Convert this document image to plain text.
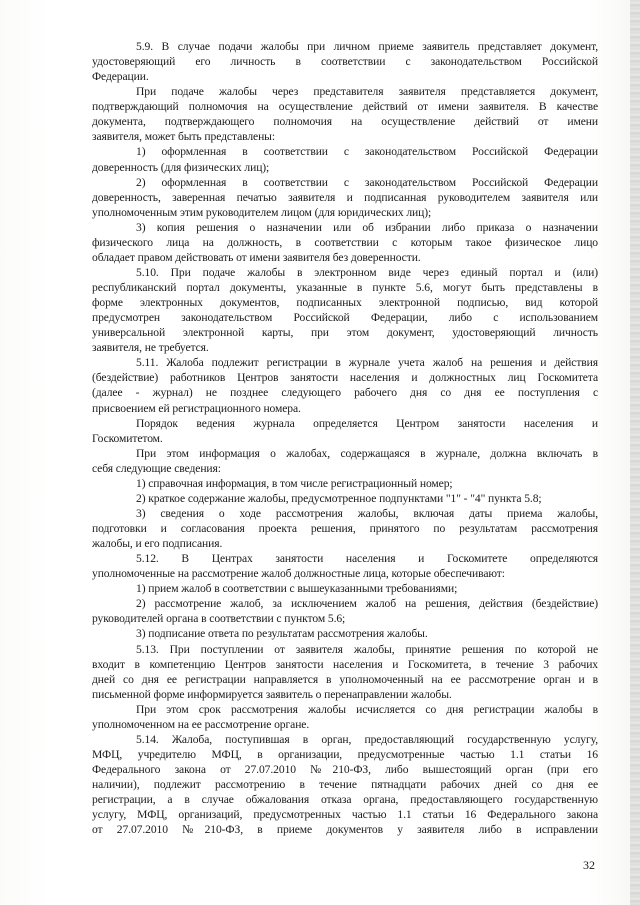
5.9. В случае подачи жалобы при личном приеме заявитель представляет документ,
удостоверяющий его личность в соответствии с законодательством Российской
Федерации.
При подаче жалобы через представителя заявителя представляется документ,
подтверждающий полномочия на осуществление действий от имени заявителя. В качестве
документа, подтверждающего полномочия на осуществление действий от имени
заявителя, может быть представлены:
1) оформленная в соответствии с законодательством Российской Федерации
доверенность (для физических лиц);
2) оформленная в соответствии с законодательством Российской Федерации
доверенность, заверенная печатью заявителя и подписанная руководителем заявителя или
уполномоченным этим руководителем лицом (для юридических лиц);
3) копия решения о назначении или об избрании либо приказа о назначении
физического лица на должность, в соответствии с которым такое физическое лицо
обладает правом действовать от имени заявителя без доверенности.
5.10. При подаче жалобы в электронном виде через единый портал и (или)
республиканский портал документы, указанные в пункте 5.6, могут быть представлены в
форме электронных документов, подписанных электронной подписью, вид которой
предусмотрен законодательством Российской Федерации, либо с использованием
универсальной электронной карты, при этом документ, удостоверяющий личность
заявителя, не требуется.
5.11. Жалоба подлежит регистрации в журнале учета жалоб на решения и действия
(бездействие) работников Центров занятости населения и должностных лиц Госкомитета
(далее - журнал) не позднее следующего рабочего дня со дня ее поступления с
присвоением ей регистрационного номера.
Порядок ведения журнала определяется Центром занятости населения и
Госкомитетом.
При этом информация о жалобах, содержащаяся в журнале, должна включать в
себя следующие сведения:
1) справочная информация, в том числе регистрационный номер;
2) краткое содержание жалобы, предусмотренное подпунктами "1" - "4" пункта 5.8;
3) сведения о ходе рассмотрения жалобы, включая даты приема жалобы,
подготовки и согласования проекта решения, принятого по результатам рассмотрения
жалобы, и его подписания.
5.12. В Центрах занятости населения и Госкомитете определяются
уполномоченные на рассмотрение жалоб должностные лица, которые обеспечивают:
1) прием жалоб в соответствии с вышеуказанными требованиями;
2) рассмотрение жалоб, за исключением жалоб на решения, действия (бездействие)
руководителей органа в соответствии с пунктом 5.6;
3) подписание ответа по результатам рассмотрения жалобы.
5.13. При поступлении от заявителя жалобы, принятие решения по которой не
входит в компетенцию Центров занятости населения и Госкомитета, в течение 3 рабочих
дней со дня ее регистрации направляется в уполномоченный на ее рассмотрение орган и в
письменной форме информируется заявитель о перенаправлении жалобы.
При этом срок рассмотрения жалобы исчисляется со дня регистрации жалобы в
уполномоченном на ее рассмотрение органе.
5.14. Жалоба, поступившая в орган, предоставляющий государственную услугу,
МФЦ, учредителю МФЦ, в организации, предусмотренные частью 1.1 статьи 16
Федерального закона от 27.07.2010 №210-ФЗ, либо вышестоящий орган (при его
наличии), подлежит рассмотрению в течение пятнадцати рабочих дней со дня ее
регистрации, а в случае обжалования отказа органа, предоставляющего государственную
услугу, МФЦ, организаций, предусмотренных частью 1.1 статьи 16 Федерального закона
от 27.07.2010 №210-ФЗ, в приеме документов у заявителя либо в исправлении
32
